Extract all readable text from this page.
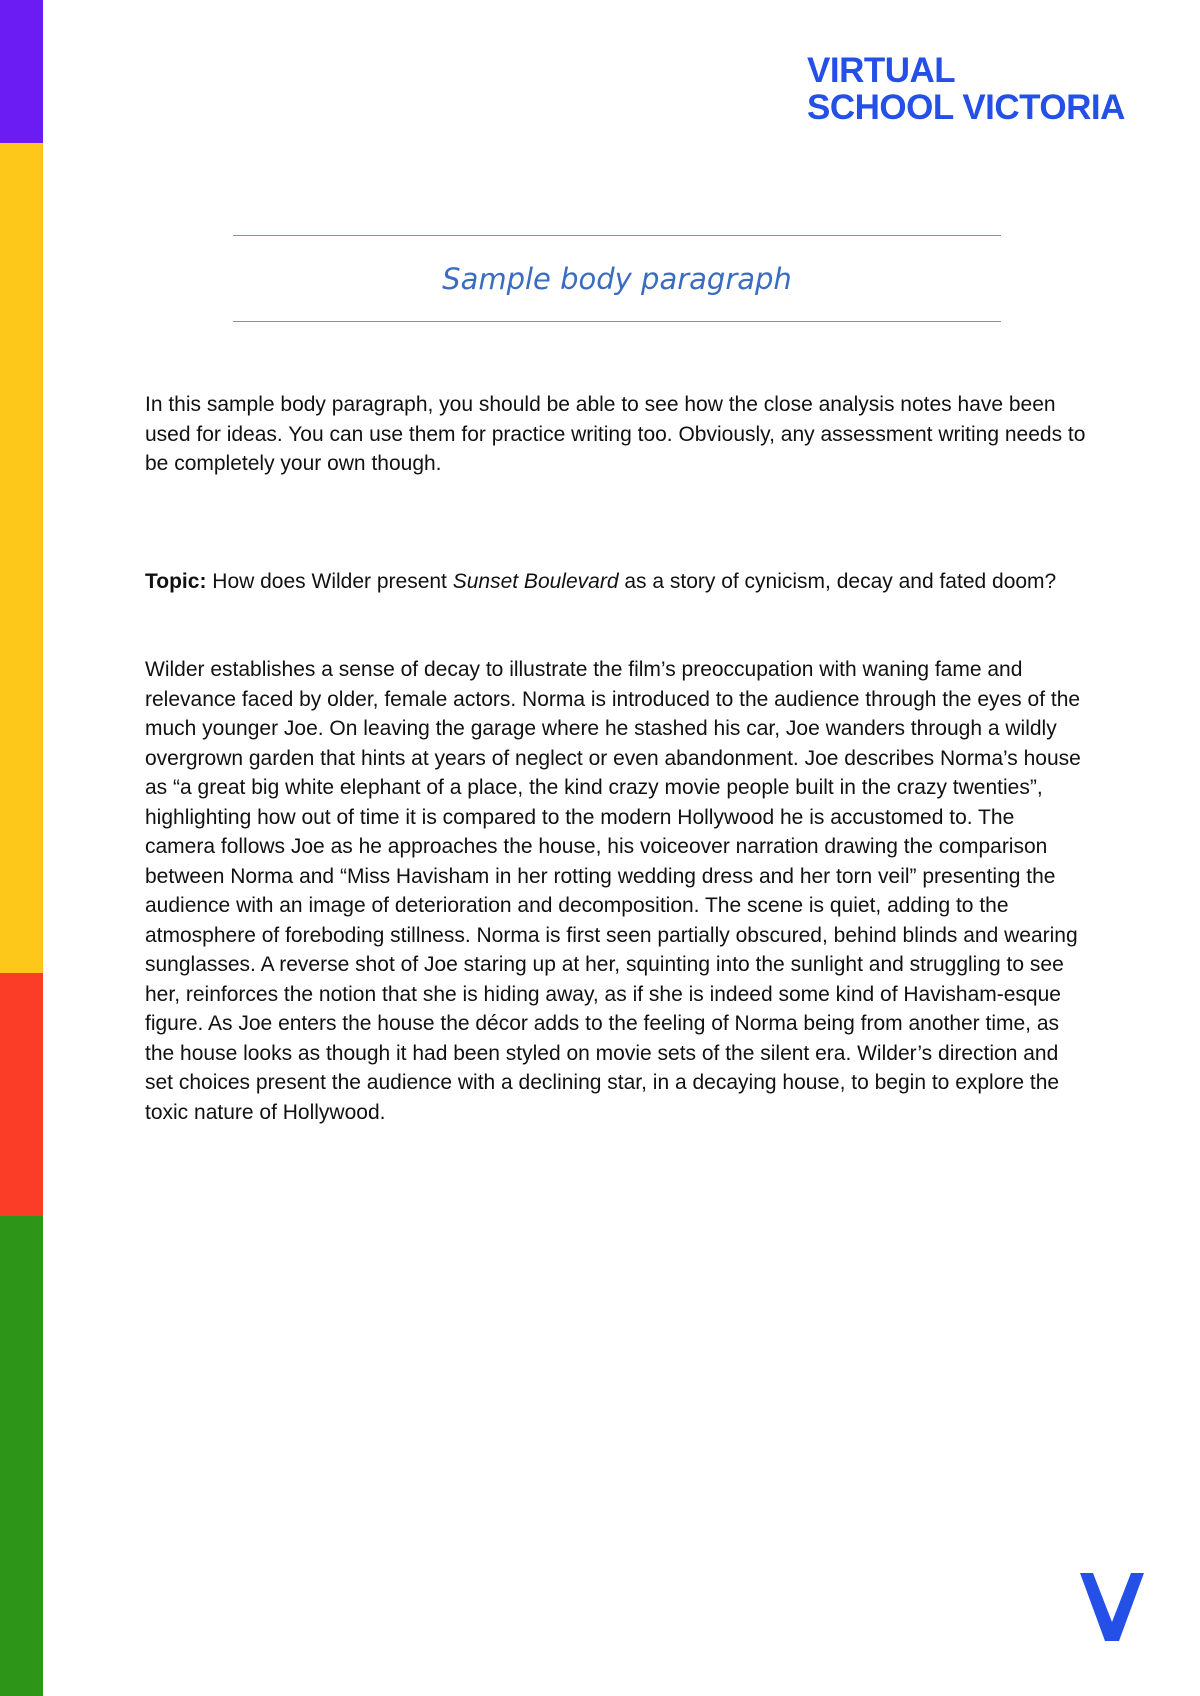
VIRTUAL
SCHOOL VICTORIA
Sample body paragraph

In this sample body paragraph, you should be able to see how the close analysis notes have been used for ideas. You can use them for practice writing too. Obviously, any assessment writing needs to be completely your own though.

Topic: How does Wilder present Sunset Boulevard as a story of cynicism, decay and fated doom?

Wilder establishes a sense of decay to illustrate the film’s preoccupation with waning fame and relevance faced by older, female actors. Norma is introduced to the audience through the eyes of the much younger Joe. On leaving the garage where he stashed his car, Joe wanders through a wildly overgrown garden that hints at years of neglect or even abandonment. Joe describes Norma’s house as “a great big white elephant of a place, the kind crazy movie people built in the crazy twenties”, highlighting how out of time it is compared to the modern Hollywood he is accustomed to. The camera follows Joe as he approaches the house, his voiceover narration drawing the comparison between Norma and “Miss Havisham in her rotting wedding dress and her torn veil” presenting the audience with an image of deterioration and decomposition. The scene is quiet, adding to the atmosphere of foreboding stillness. Norma is first seen partially obscured, behind blinds and wearing sunglasses. A reverse shot of Joe staring up at her, squinting into the sunlight and struggling to see her, reinforces the notion that she is hiding away, as if she is indeed some kind of Havisham-esque figure. As Joe enters the house the décor adds to the feeling of Norma being from another time, as the house looks as though it had been styled on movie sets of the silent era. Wilder’s direction and set choices present the audience with a declining star, in a decaying house, to begin to explore the toxic nature of Hollywood.
